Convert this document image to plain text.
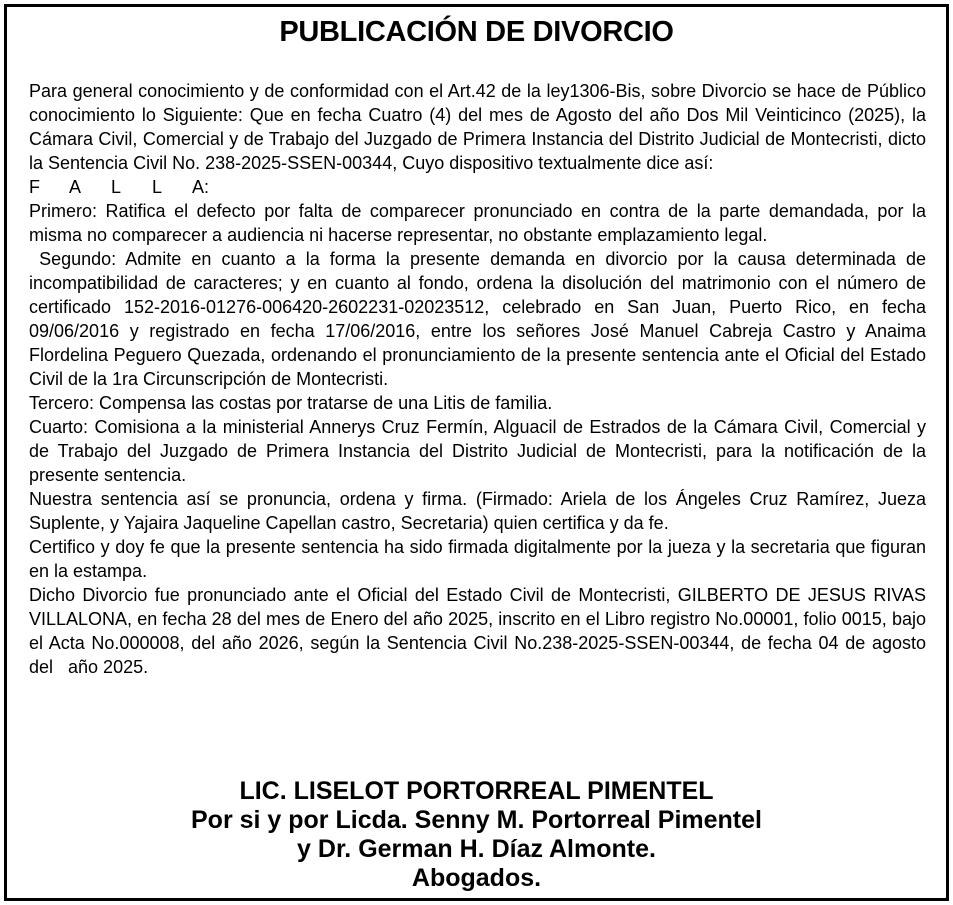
PUBLICACIÓN DE DIVORCIO

Para general conocimiento y de conformidad con el Art.42 de la ley1306-Bis, sobre Divorcio se hace de Público conocimiento lo Siguiente: Que en fecha Cuatro (4) del mes de Agosto del año Dos Mil Veinticinco (2025), la Cámara Civil, Comercial y de Trabajo del Juzgado de Primera Instancia del Distrito Judicial de Montecristi, dicto la Sentencia Civil No. 238-2025-SSEN-00344, Cuyo dispositivo textualmente dice así:

F A L L A:

Primero: Ratifica el defecto por falta de comparecer pronunciado en contra de la parte demandada, por la misma no comparecer a audiencia ni hacerse representar, no obstante emplazamiento legal.

Segundo: Admite en cuanto a la forma la presente demanda en divorcio por la causa determinada de incompatibilidad de caracteres; y en cuanto al fondo, ordena la disolución del matrimonio con el número de certificado 152-2016-01276-006420-2602231-02023512, celebrado en San Juan, Puerto Rico, en fecha 09/06/2016 y registrado en fecha 17/06/2016, entre los señores José Manuel Cabreja Castro y Anaima Flordelina Peguero Quezada, ordenando el pronunciamiento de la presente sentencia ante el Oficial del Estado Civil de la 1ra Circunscripción de Montecristi.

Tercero: Compensa las costas por tratarse de una Litis de familia.

Cuarto: Comisiona a la ministerial Annerys Cruz Fermín, Alguacil de Estrados de la Cámara Civil, Comercial y de Trabajo del Juzgado de Primera Instancia del Distrito Judicial de Montecristi, para la notificación de la presente sentencia.

Nuestra sentencia así se pronuncia, ordena y firma. (Firmado: Ariela de los Ángeles Cruz Ramírez, Jueza Suplente, y Yajaira Jaqueline Capellan castro, Secretaria) quien certifica y da fe.

Certifico y doy fe que la presente sentencia ha sido firmada digitalmente por la jueza y la secretaria que figuran en la estampa.

Dicho Divorcio fue pronunciado ante el Oficial del Estado Civil de Montecristi, GILBERTO DE JESUS RIVAS VILLALONA, en fecha 28 del mes de Enero del año 2025, inscrito en el Libro registro No.00001, folio 0015, bajo el Acta No.000008, del año 2026, según la Sentencia Civil No.238-2025-SSEN-00344, de fecha 04 de agosto del   año 2025.

LIC. LISELOT PORTORREAL PIMENTEL
Por si y por Licda. Senny M. Portorreal Pimentel
y Dr. German H. Díaz Almonte.
Abogados.
